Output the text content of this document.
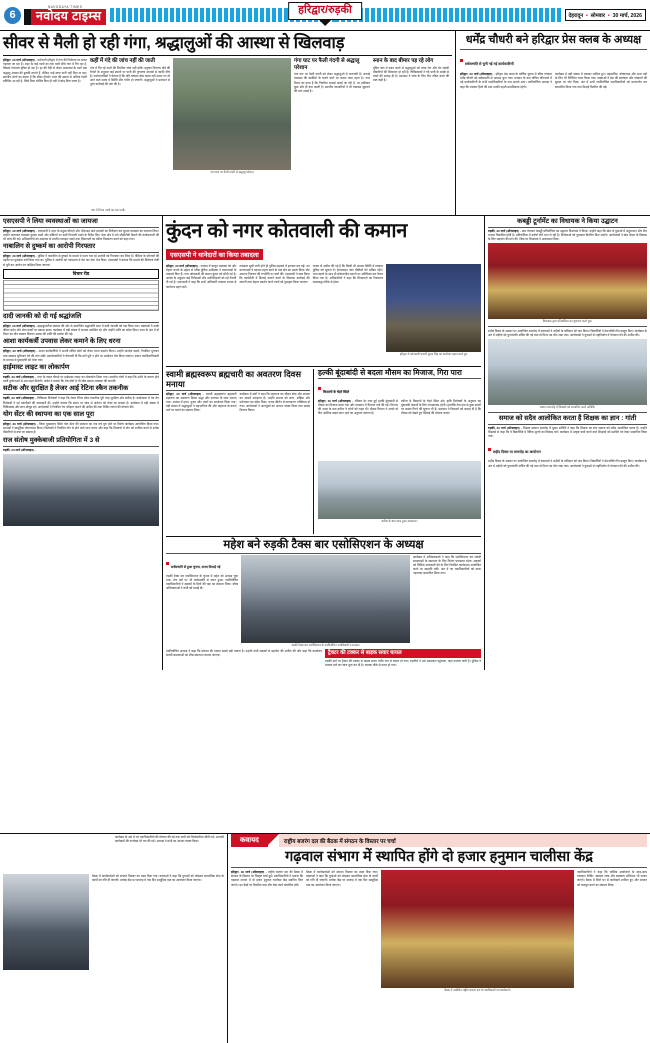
6
NAVODAYA TIMES
नवोदय टाइम्स	हरिद्वार/रुड़की	देहरादून  •  सोमवार  •  30 मार्च, 2026
सीवर से मैली हो रही गंगा, श्रद्धालुओं की आस्था से खिलवाड़

हरिद्वार, 30 मार्च (ऑनलाइन) - धर्मनगरी हरिद्वार में गंगा की निर्मलता पर संकट गहराता जा रहा है। शहर के कई नालों का गंदा पानी सीधे गंगा में गिर रहा है, जिससे गंगाजल दूषित हो रहा है। हर की पैड़ी से लेकर आसपास के घाटों तक श्रद्धालु आस्था की डुबकी लगाते हैं, लेकिन उन्हें साफ पानी नहीं मिल पा रहा। स्थानीय लोगों का कहना है कि सीवर ट्रीटमेंट प्लांट की क्षमता से अधिक गंदगी प्रतिदिन आ रही है, जिसे बिना शोधित किए ही नदी में छोड़ दिया जाता है।

कहीं में गंदे की जांच नहीं की जाती

गंगा में गिर रहे नालों की नियमित जांच नहीं होती। प्रदूषण नियंत्रण बोर्ड की रिपोर्ट के अनुसार कई स्थानों पर पानी की गुणवत्ता मानकों से काफी नीचे है। पर्यावरणविदों ने चेताया है कि यदि तत्काल ठोस कदम नहीं उठाए गए तो आने वाले समय में स्थिति और गंभीर हो जाएगी। श्रद्धालुओं ने प्रशासन से तुरंत कार्रवाई की मांग की है।

गंगा घाट पर फैली गंदगी से श्रद्धालु परेशान
गंगा घाट पर फैली गंदगी से श्रद्धालु परेशान

गंगा घाट पर फैली गंदगी को लेकर श्रद्धालुओं में नाराजगी है। सफाई व्यवस्था की खामियों के चलते घाटों पर कचरा जमा रहता है। नगर निगम का दावा है कि नियमित सफाई कराई जा रही है, पर हकीकत कुछ और ही बयां करती है। स्थानीय व्यापारियों ने भी व्यवस्था सुधारने की मांग उठाई है।

स्नान के बाद बीमार पड़ रहे लोग

दूषित जल में स्नान करने से श्रद्धालुओं को त्वचा रोग और पेट संबंधी बीमारियों की शिकायत हो रही है। चिकित्सकों ने गंदे पानी के संपर्क से बचने की सलाह दी है। प्रशासन ने जांच के लिए टीम गठित करने की बात कही है।

गंगा में गिरता नालों का गंदा पानी।
धर्मेंद्र चौधरी बने हरिद्वार प्रेस क्लब के अध्यक्ष
सर्वसम्मति से चुनी गई नई कार्यकारिणी

हरिद्वार, 30 मार्च (ऑनलाइन) - हरिद्वार प्रेस क्लब के वार्षिक चुनाव में वरिष्ठ पत्रकार धर्मेंद्र चौधरी को सर्वसम्मति से अध्यक्ष चुना गया। मतदान के बाद घोषित परिणामों में नई कार्यकारिणी के सभी पदाधिकारियों के नाम सामने आए। नवनिर्वाचित अध्यक्ष ने कहा कि पत्रकार हितों की रक्षा उनकी पहली प्राथमिकता रहेगी।

कार्यक्रम में बड़ी संख्या में पत्रकार शामिल हुए। महासचिव, कोषाध्यक्ष और अन्य पदों के लिए भी निर्विरोध चयन किया गया। वक्ताओं ने प्रेस की स्वतंत्रता और पत्रकारों की सुरक्षा पर जोर दिया। अंत में सभी नवनिर्वाचित पदाधिकारियों को माल्यार्पण कर सम्मानित किया गया तथा मिठाई वितरित की गई।

एसएसपी ने लिया व्यवस्थाओं का जायजा

हरिद्वार, 30 मार्च (ऑनलाइन) - एसएसपी ने शहर के प्रमुख चौराहों और भीड़भाड़ वाले इलाकों का निरीक्षण कर सुरक्षा व्यवस्था का जायजा लिया। उन्होंने यातायात व्यवस्था दुरुस्त रखने और संदिग्धों पर कड़ी निगरानी रखने के निर्देश दिए। मेला क्षेत्र में लगे सीसीटीवी कैमरों की कार्यप्रणाली की भी जांच की गई। अधिकारियों को आमजन से शालीन व्यवहार रखने तथा शिकायतों का त्वरित निस्तारण करने को कहा गया।

नाबालिग से दुष्कर्म का आरोपी गिरफ्तार

हरिद्वार, 30 मार्च (ऑनलाइन) - पुलिस ने नाबालिग से दुष्कर्म के मामले में फरार चल रहे आरोपी को गिरफ्तार कर लिया है। पीड़िता के परिजनों की तहरीर पर मुकदमा दर्ज किया गया था। पुलिस ने आरोपी को न्यायालय में पेश कर जेल भेज दिया। एसएसपी ने बताया कि मामले की विवेचना तेजी से पूरी कर आरोप पत्र दाखिल किया जाएगा।

विचार रीड
दादी जानकी को दी गई श्रद्धांजलि

हरिद्वार, 30 मार्च (ऑनलाइन) - ब्रह्माकुमारीज संस्थान की ओर से आयोजित श्रद्धांजलि सभा में दादी जानकी को याद किया गया। वक्ताओं ने उनके जीवन दर्शन और सेवा कार्यों पर प्रकाश डाला। कार्यक्रम में बड़ी संख्या में साधक उपस्थित रहे और उन्होंने शांति का संदेश दिया। सभा के अंत में दो मिनट का मौन रखकर दिवंगत आत्मा की शांति की प्रार्थना की गई।

आशा कार्यकर्त्री उपवास लेकर कमाने के लिए धरना

हरिद्वार, 30 मार्च (ऑनलाइन) - आशा कार्यकर्त्रियों ने अपनी लंबित मांगों को लेकर धरना प्रदर्शन किया। उन्होंने मानदेय बढ़ाने, नियमित भुगतान तथा स्वास्थ्य सुविधाएं देने की मांग रखी। प्रदर्शनकारियों ने चेतावनी दी कि मांगें पूरी न होने पर आंदोलन तेज किया जाएगा। ज्ञापन उपजिलाधिकारी के माध्यम से मुख्यमंत्री को भेजा गया।

हाईमास्ट लाइट का लोकार्पण

रुड़की, 30 मार्च (ऑनलाइन) - नगर के व्यस्त चौराहे पर हाईमास्ट लाइट का लोकार्पण किया गया। स्थानीय लोगों ने कहा कि अंधेरे के कारण होने वाली दुर्घटनाओं से अब राहत मिलेगी। पार्षद ने बताया कि शेष क्षेत्रों में भी शीघ्र प्रकाश व्यवस्था की जाएगी।

सटीक और सुरक्षित है लेजर आई रेटिना स्कैन तकनीक

रुड़की, 30 मार्च (ऑनलाइन) - चिकित्सा विशेषज्ञों ने कहा कि लेजर रेटिना स्कैन तकनीक पूरी तरह सुरक्षित और सटीक है। कार्यशाला में नेत्र रोग विशेषज्ञों ने नई तकनीकों की जानकारी दी। उन्होंने बताया कि समय पर जांच से अंधेपन को रोका जा सकता है। कार्यक्रम में बड़ी संख्या में चिकित्सक और छात्र मौजूद रहे। आयोजकों ने नियमित नेत्र परीक्षण कराने की अपील की तथा शिविर लगाने की घोषणा की।

योग सेंटर की स्थापना का एक साल पूरा

हरिद्वार, 30 मार्च (ऑनलाइन) - जिला मुख्यालय स्थित योग सेंटर की स्थापना का एक वर्ष पूरा होने पर विशेष कार्यक्रम आयोजित किया गया। साधकों ने सामूहिक योगाभ्यास किया। विशेषज्ञों ने नियमित योग से होने वाले लाभ बताए और कहा कि दिनचर्या में योग को शामिल करने से अनेक बीमारियों से बचा जा सकता है।

राज संतोष मुक्केबाजी प्रतियोगिता में 3 से

रुड़की, 30 मार्च (ऑनलाइन) -

कुंदन को नगर कोतवाली की कमान
एसएसपी ने थानेदारों का किया तबादला

हरिद्वार, 30 मार्च (ऑनलाइन) - जनपद में कानून व्यवस्था को और बेहतर बनाने के उद्देश्य से वरिष्ठ पुलिस अधीक्षक ने थानाध्यक्षों के तबादले किए हैं। नगर कोतवाली की कमान कुंदन को सौंपी गई है। आदेश के अनुसार कई निरीक्षकों और उपनिरीक्षकों को नई तैनाती दी गई है। एसएसपी ने कहा कि सभी अधिकारी तत्काल प्रभाव से कार्यभार ग्रहण करें।

तबादला सूची जारी होते ही पुलिस महकमे में हलचल मच गई। नए थानाध्यक्षों ने पदभार ग्रहण करने के बाद क्षेत्र का भ्रमण किया और अपराध नियंत्रण की रणनीति पर चर्चा की। एसएसपी ने स्पष्ट किया कि कार्यशैली में ढिलाई बरतने वालों के खिलाफ कार्रवाई की जाएगी तथा बेहतर प्रदर्शन करने वालों को पुरस्कृत किया जाएगा।

जनता से अपील की गई है कि किसी भी आपात स्थिति में तत्काल पुलिस को सूचना दें। हेल्पलाइन नंबर चौबीसों घंटे सक्रिय रहेंगे। गश्त बढ़ाने के साथ ही संवेदनशील स्थानों पर अतिरिक्त बल तैनात किया गया है। अधिकारियों ने कहा कि शिकायतों का निस्तारण समयबद्ध तरीके से होगा।

हरिद्वार में कोतवाली प्रभारी कुंदन सिंह का कार्यभार ग्रहण करते हुए
स्वामी ब्रह्मस्वरूप ब्रह्मचारी का अवतरण दिवस मनाया

हरिद्वार, 30 मार्च (ऑनलाइन) - स्वामी ब्रह्मस्वरूप ब्रह्मचारी महाराज का अवतरण दिवस श्रद्धा और उल्लास के साथ मनाया गया। आश्रम में हवन, पूजन और भंडारे का आयोजन किया गया। बड़ी संख्या में श्रद्धालुओं ने सहभागिता की और महाराज के बताए मार्ग पर चलने का संकल्प लिया।

कार्यक्रम में संतों ने कहा कि महाराज का जीवन सेवा और साधना का आदर्श उदाहरण है। उन्होंने समाज को सत्य, अहिंसा और परोपकार का संदेश दिया। भजन-कीर्तन से वातावरण भक्तिमय हो गया। आयोजकों ने आगंतुकों का आभार व्यक्त किया तथा प्रसाद वितरण किया।

हल्की बूंदाबांदी से बदला मौसम का मिजाज, गिरा पारा
किसानों के चेहरे खिले

हरिद्वार, 30 मार्च (ऑनलाइन) - रविवार देर शाम हुई हल्की बूंदाबांदी से मौसम का मिजाज बदल गया और तापमान में गिरावट दर्ज की गई। दिनभर की उमस के बाद बारिश ने लोगों को राहत दी। मौसम विभाग ने अगले दो दिन आंशिक बादल छाए रहने का अनुमान जताया है।

बारिश से किसानों के चेहरे खिल उठे। कृषि विशेषज्ञों के अनुसार यह बूंदाबांदी फसलों के लिए लाभदायक रहेगी। हालांकि तेज हवा से कुछ स्थानों पर फसल गिरने की सूचना भी है। प्रशासन ने किसानों को सलाह दी है कि मौसम को देखते हुए सिंचाई की योजना बनाएं।

बारिश के बाद साफ हुआ आसमान।
महेश बने रुड़की टैक्स बार एसोसिएशन के अध्यक्ष
सर्वसम्मति से हुआ चुनाव, शपथ दिलाई गई

रुड़की टैक्स बार एसोसिएशन के चुनाव में महेश को अध्यक्ष चुना गया। शेष पदों पर भी सर्वसम्मति से चयन हुआ। नवनिर्वाचित पदाधिकारियों ने सदस्यों के हितों की रक्षा का संकल्प लिया। वरिष्ठ अधिवक्ताओं ने सभी को बधाई दी।

रुड़की टैक्स बार एसोसिएशन के नवनिर्वाचित पदाधिकारी व सदस्य।

कार्यक्रम में अधिवक्ताओं ने कहा कि एसोसिएशन कर संबंधी समस्याओं के समाधान के लिए निरंतर प्रयासरत रहेगा। सदस्यों को विधिक जानकारी देने के लिए नियमित कार्यशाला आयोजित करने पर सहमति बनी। अंत में नए पदाधिकारियों को माला पहनाकर सम्मानित किया गया।

नवनिर्वाचित अध्यक्ष ने कहा कि संगठन की एकता सबसे बड़ी ताकत है। उन्होंने सभी सदस्यों से सहयोग की अपील की और कहा कि कार्यालय संबंधी समस्याओं का शीघ्र समाधान कराया जाएगा।	ट्रैक्टर की टक्कर से बाइक सवार घायल

रुड़की मार्ग पर ट्रैक्टर की टक्कर से बाइक सवार गंभीर रूप से घायल हो गया। राहगीरों ने उसे अस्पताल पहुंचाया, जहां उपचार जारी है। पुलिस ने मामला दर्ज कर जांच शुरू कर दी है। चालक मौके से फरार हो गया।

कबड्डी टूर्नामेंट का विधायक ने किया उद्घाटन

रुड़की, 30 मार्च (ऑनलाइन) - ग्राम पंचायत कबड्डी प्रतियोगिता का उद्घाटन विधायक ने किया। उन्होंने कहा कि खेल से युवाओं में अनुशासन और टीम भावना विकसित होती है। प्रतियोगिता में दर्जनों टीमें भाग ले रही हैं। विजेताओं को पुरस्कार वितरित किए जाएंगे। आयोजकों ने खेल मैदान के विकास के लिए सहयोग की मांग की, जिस पर विधायक ने आश्वासन दिया।

विधायक द्वारा प्रतियोगिता का शुभारंभ करते हुए।

शहीद दिवस के अवसर पर आयोजित समारोह में वक्ताओं ने शहीदों के बलिदान को याद किया। विद्यार्थियों ने देशभक्ति गीत प्रस्तुत किए। कार्यक्रम के अंत में शहीदों को पुष्पांजलि अर्पित की गई तथा दो मिनट का मौन रखा गया। आयोजकों ने युवाओं से राष्ट्रनिर्माण में योगदान देने की अपील की।

सम्मान समारोह में शिक्षकों को सम्मानित करते अतिथि।
समाज को सदैव आलोकित करता है शिक्षक का ज्ञान : गांती

रुड़की, 30 मार्च (ऑनलाइन) - शिक्षक सम्मान समारोह में मुख्य अतिथि ने कहा कि शिक्षक का ज्ञान समाज को सदैव आलोकित करता है। उन्होंने शिक्षकों से कहा कि वे विद्यार्थियों में नैतिक मूल्यों का विकास करें। कार्यक्रम में उत्कृष्ट कार्य करने वाले शिक्षकों को प्रशस्ति पत्र देकर सम्मानित किया गया।

शहीद दिवस पर समारोह का आयोजन

शहीद दिवस के अवसर पर आयोजित समारोह में वक्ताओं ने शहीदों के बलिदान को याद किया। विद्यार्थियों ने देशभक्ति गीत प्रस्तुत किए। कार्यक्रम के अंत में शहीदों को पुष्पांजलि अर्पित की गई तथा दो मिनट का मौन रखा गया। आयोजकों ने युवाओं से राष्ट्रनिर्माण में योगदान देने की अपील की।

कार्यक्रम के अंत में नए पदाधिकारियों की घोषणा की गई तथा सभी को जिम्मेदारियां सौंपी गईं। आगामी कार्यक्रमों की रूपरेखा भी तय की गई। अध्यक्ष ने सभी का आभार व्यक्त किया।

बैठक में कार्यकर्ताओं को संगठन विस्तार का लक्ष्य दिया गया। वक्ताओं ने कहा कि युवाओं को जोड़कर सामाजिक सेवा के कार्यों को गति दी जाएगी। प्रत्येक केंद्र पर सप्ताह में एक दिन सामूहिक पाठ का आयोजन किया जाएगा।

कवायद	राष्ट्रीय बजरंग दल की बैठक में संगठन के विस्तार पर चर्चा
गढ़वाल संभाग में स्थापित होंगे दो हजार हनुमान चालीसा केंद्र

हरिद्वार, 30 मार्च (ऑनलाइन) - राष्ट्रीय बजरंग दल की बैठक में संगठन के विस्तार पर विस्तृत चर्चा हुई। पदाधिकारियों ने बताया कि गढ़वाल संभाग में दो हजार हनुमान चालीसा केंद्र स्थापित किए जाएंगे। इन केंद्रों पर नियमित पाठ और सेवा कार्य संचालित होंगे।

बैठक में कार्यकर्ताओं को संगठन विस्तार का लक्ष्य दिया गया। वक्ताओं ने कहा कि युवाओं को जोड़कर सामाजिक सेवा के कार्यों को गति दी जाएगी। प्रत्येक केंद्र पर सप्ताह में एक दिन सामूहिक पाठ का आयोजन किया जाएगा।

बैठक में उपस्थित राष्ट्रीय बजरंग दल के पदाधिकारी एवं कार्यकर्ता।

पदाधिकारियों ने कहा कि धार्मिक आयोजनों के साथ-साथ रक्तदान शिविर, स्वास्थ्य जांच और स्वच्छता अभियान भी चलाए जाएंगे। बैठक में जिले भर से कार्यकर्ता शामिल हुए और संगठन को मजबूत करने का संकल्प लिया।
